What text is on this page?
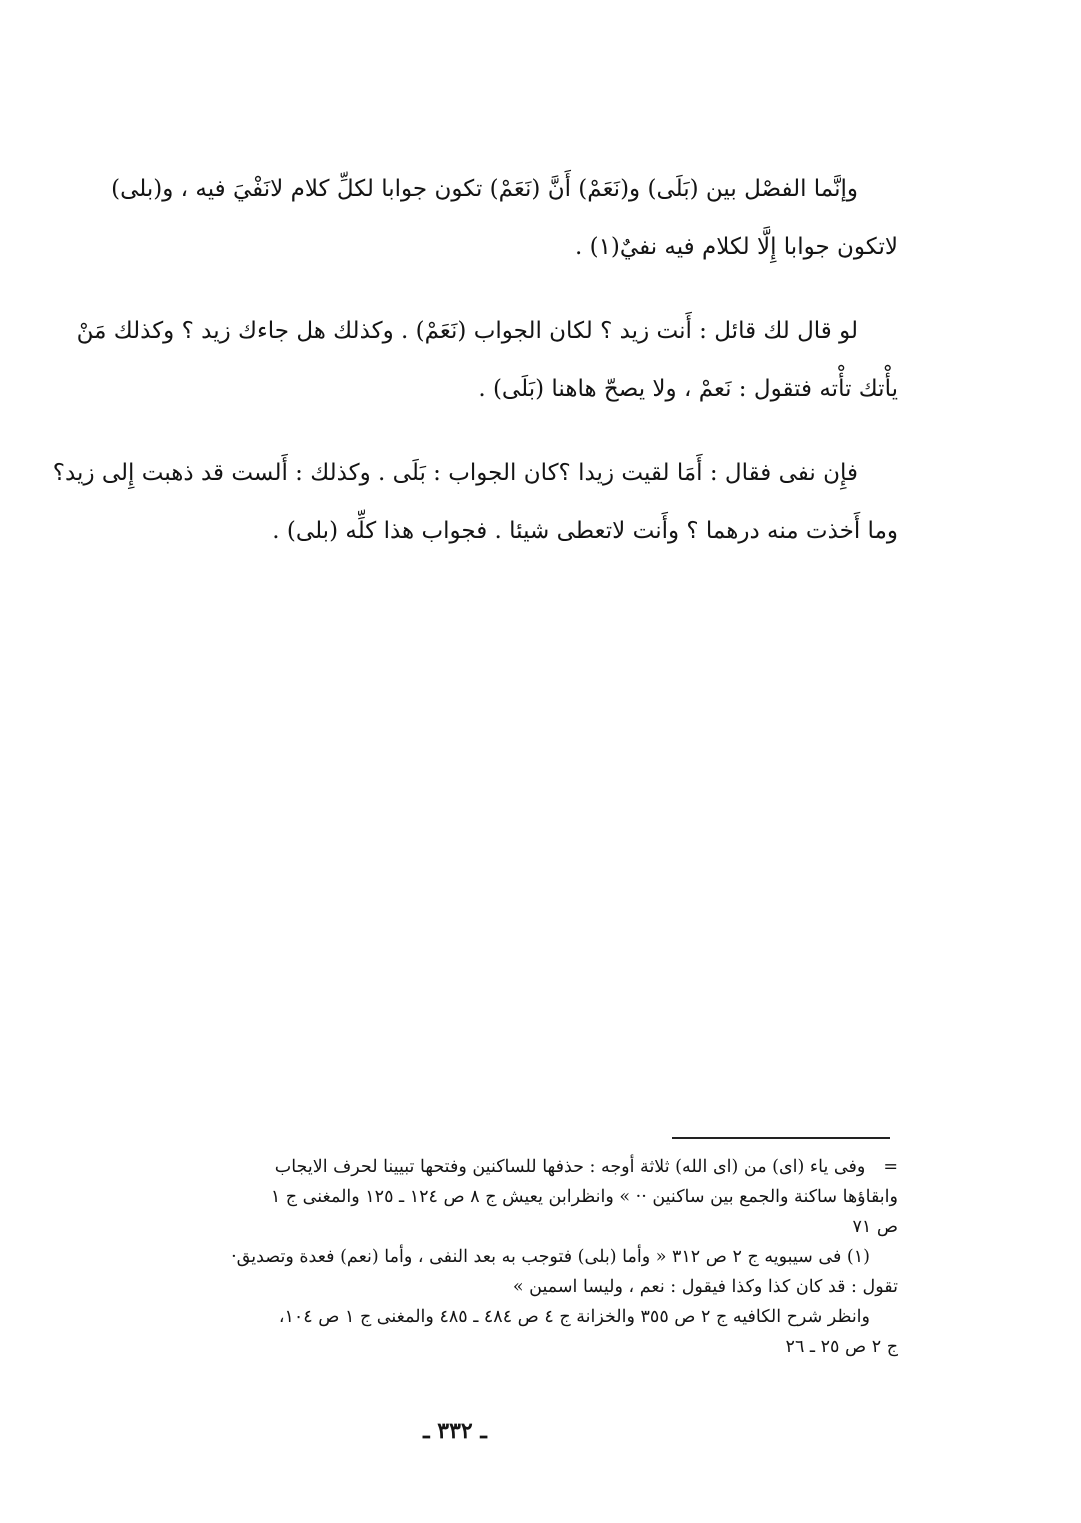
وإنَّما الفصْل بين (بَلَى) و(نَعَمْ) أَنَّ (نَعَمْ) تكون جوابا لكلِّ كلام لانَفْيَ فيه ، و(بلى)
لاتكون جوابا إِلَّا لكلام فيه نفيٌ(١) .

لو قال لك قائل : أَنت زيد ؟ لكان الجواب (نَعَمْ) . وكذلك هل جاءك زيد ؟ وكذلك مَنْ
يأْتك تأْته فتقول : نَعمْ ، ولا يصحّ هاهنا (بَلَى) .

فإِن نفى فقال : أَمَا لقيت زيدا ؟كان الجواب : بَلَى . وكذلك : أَلست قد ذهبت إِلى زيد؟
وما أَخذت منه درهما ؟ وأَنت لاتعطى شيئا . فجواب هذا كلِّه (بلى) .

=وفى ياء (اى) من (اى الله) ثلاثة أوجه : حذفها للساكنين وفتحها تبيينا لحرف الايجاب
وابقاؤها ساكنة والجمع بين ساكنين ·· » وانظرابن يعيش ج ٨ ص ١٢٤ ـ ١٢٥ والمغنى ج ١
ص ٧١
(١) فى سيبويه ج ٢ ص ٣١٢ « وأما (بلى) فتوجب به بعد النفى ، وأما (نعم) فعدة وتصديق·
تقول : قد كان كذا وكذا فيقول : نعم ، وليسا اسمين »
وانظر شرح الكافيه ج ٢ ص ٣٥٥ والخزانة ج ٤ ص ٤٨٤ ـ ٤٨٥ والمغنى ج ١ ص ١٠٤،
ج ٢ ص ٢٥ ـ ٢٦
ـ ٣٣٢ ـ
